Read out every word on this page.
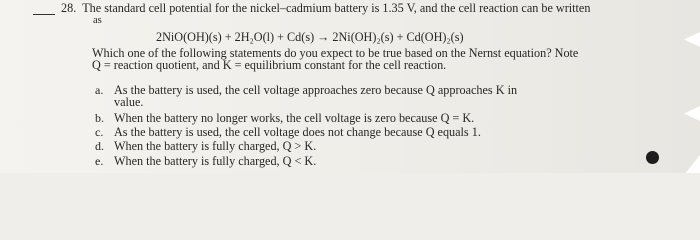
28. The standard cell potential for the nickel–cadmium battery is 1.35 V, and the cell reaction can be written
as
2NiO(OH)(s) + 2H₂O(l) + Cd(s) → 2Ni(OH)₂(s) + Cd(OH)₂(s)
Which one of the following statements do you expect to be true based on the Nernst equation? Note
Q = reaction quotient, and K = equilibrium constant for the cell reaction.
a. As the battery is used, the cell voltage approaches zero because Q approaches K in
value.
b. When the battery no longer works, the cell voltage is zero because Q = K.
c. As the battery is used, the cell voltage does not change because Q equals 1.
d. When the battery is fully charged, Q > K.
e. When the battery is fully charged, Q < K.
